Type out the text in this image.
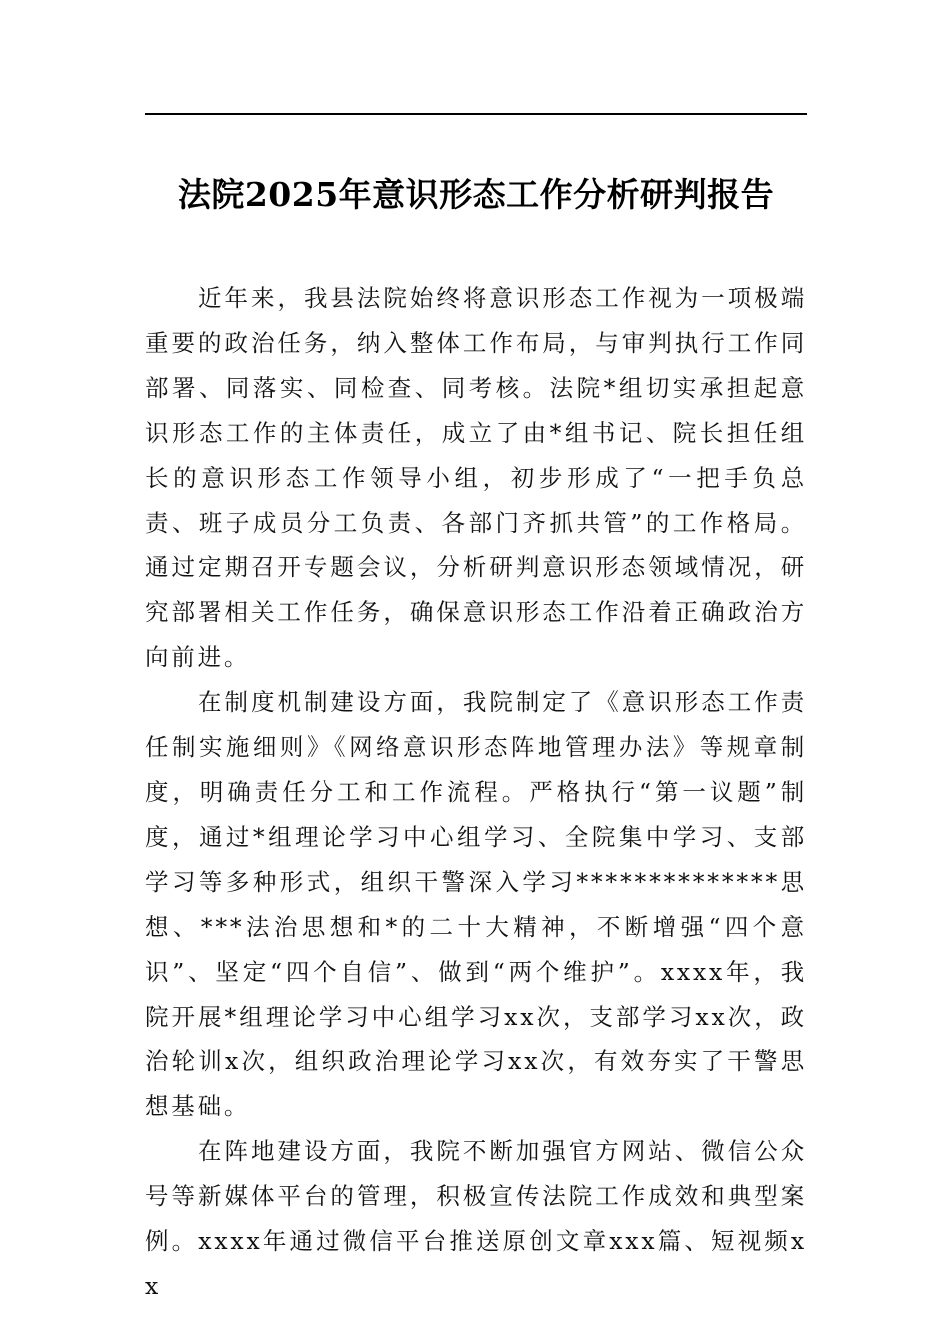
法院2025年意识形态工作分析研判报告

近年来，我县法院始终将意识形态工作视为一项极端重要的政治任务，纳入整体工作布局，与审判执行工作同部署、同落实、同检查、同考核。法院*组切实承担起意识形态工作的主体责任，成立了由*组书记、院长担任组长的意识形态工作领导小组，初步形成了“一把手负总责、班子成员分工负责、各部门齐抓共管”的工作格局。通过定期召开专题会议，分析研判意识形态领域情况，研究部署相关工作任务，确保意识形态工作沿着正确政治方向前进。

在制度机制建设方面，我院制定了《意识形态工作责任制实施细则》《网络意识形态阵地管理办法》等规章制度，明确责任分工和工作流程。严格执行“第一议题”制度，通过*组理论学习中心组学习、全院集中学习、支部学习等多种形式，组织干警深入学习**************思想、***法治思想和*的二十大精神，不断增强“四个意识”、坚定“四个自信”、做到“两个维护”。xxxx年，我院开展*组理论学习中心组学习xx次，支部学习xx次，政治轮训x次，组织政治理论学习xx次，有效夯实了干警思想基础。

在阵地建设方面，我院不断加强官方网站、微信公众号等新媒体平台的管理，积极宣传法院工作成效和典型案例。xxxx年通过微信平台推送原创文章xxx篇、短视频xx
